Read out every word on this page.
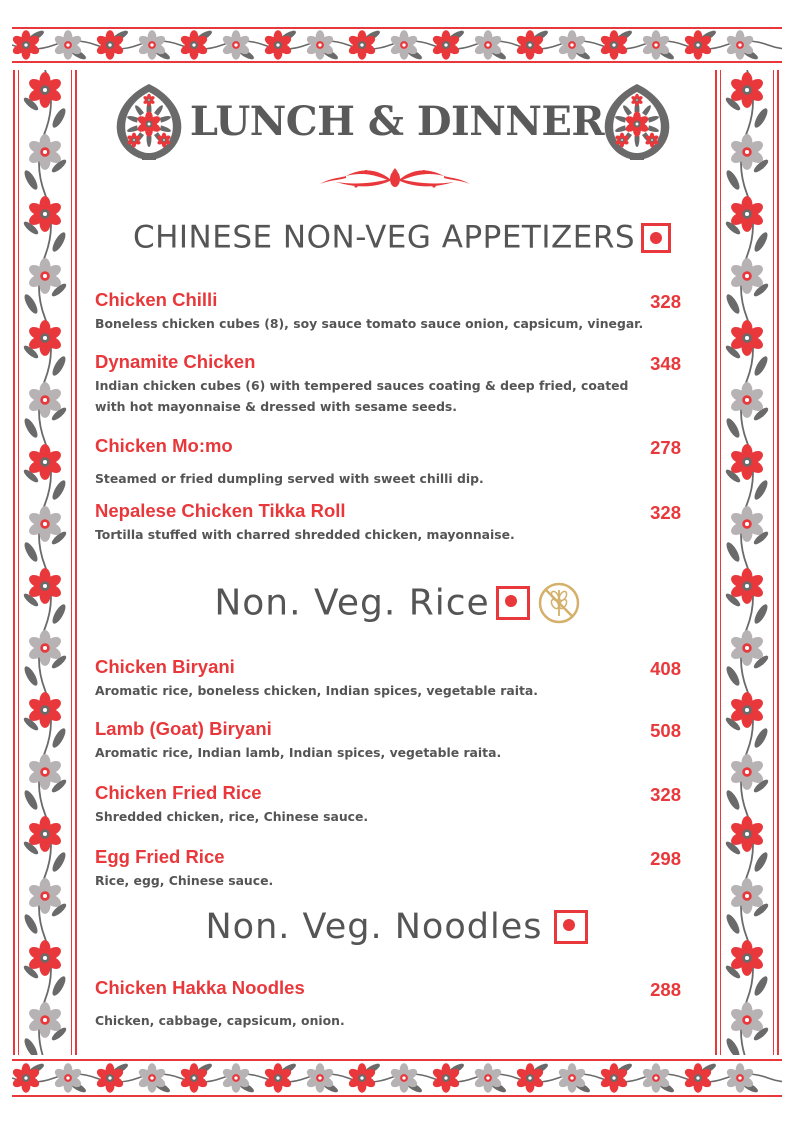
LUNCH & DINNER
CHINESE NON-VEG APPETIZERS
Chicken Chilli	328
Boneless chicken cubes (8), soy sauce tomato sauce onion, capsicum, vinegar.
Dynamite Chicken	348
Indian chicken cubes (6) with tempered sauces coating & deep fried, coated with hot mayonnaise & dressed with sesame seeds.
Chicken Mo:mo	278
Steamed or fried dumpling served with sweet chilli dip.
Nepalese Chicken Tikka Roll	328
Tortilla stuffed with charred shredded chicken, mayonnaise.
Non. Veg. Rice
Chicken Biryani	408
Aromatic rice, boneless chicken, Indian spices, vegetable raita.
Lamb (Goat) Biryani	508
Aromatic rice, Indian lamb, Indian spices, vegetable raita.
Chicken Fried Rice	328
Shredded chicken, rice, Chinese sauce.
Egg Fried Rice	298
Rice, egg, Chinese sauce.
Non. Veg. Noodles
Chicken Hakka Noodles	288
Chicken, cabbage, capsicum, onion.
